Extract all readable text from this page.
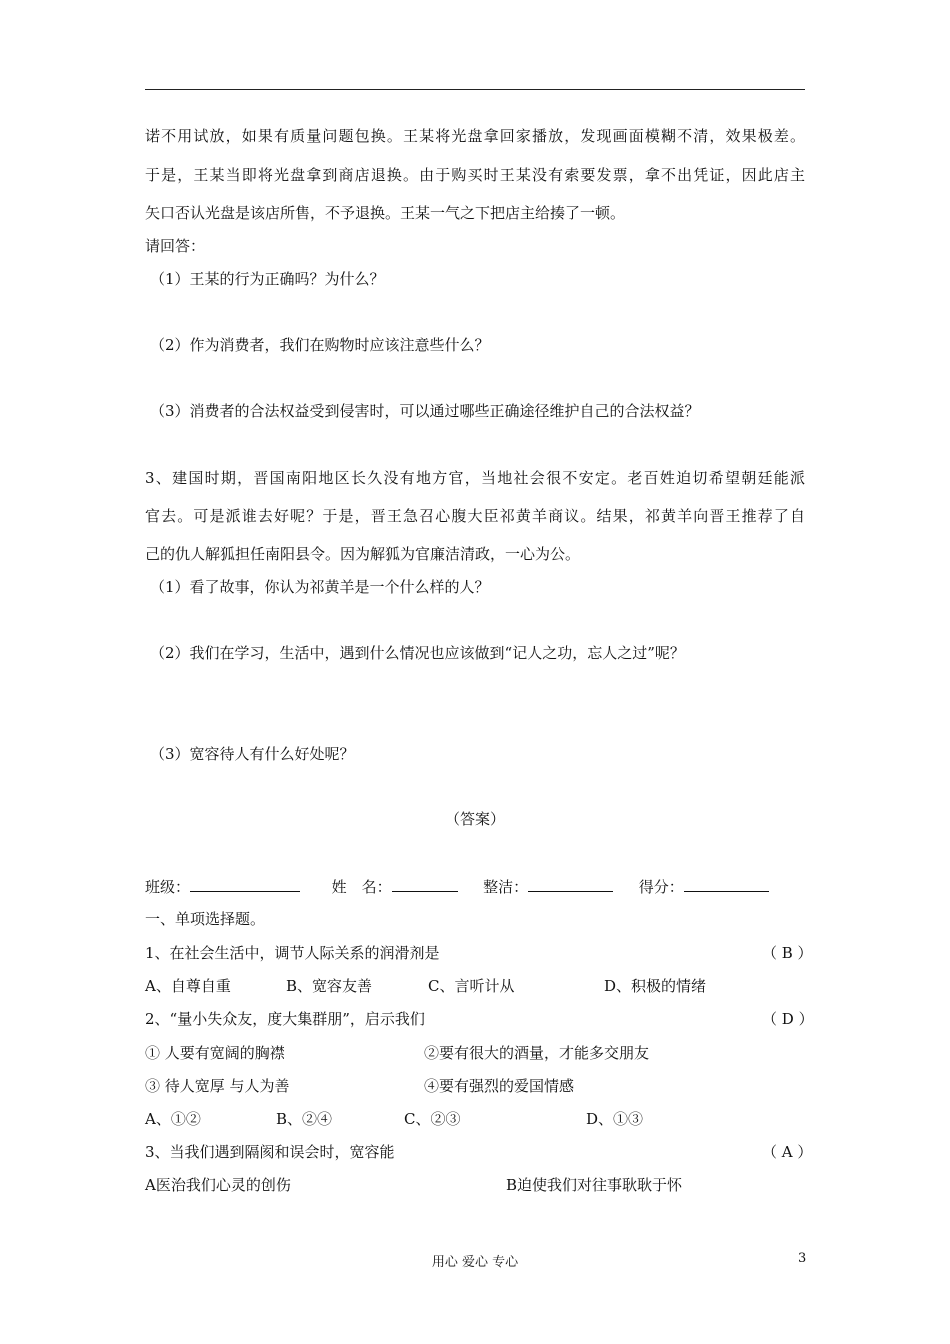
诺不用试放，如果有质量问题包换。王某将光盘拿回家播放，发现画面模糊不清，效果极差。
于是，王某当即将光盘拿到商店退换。由于购买时王某没有索要发票，拿不出凭证，因此店主
矢口否认光盘是该店所售，不予退换。王某一气之下把店主给揍了一顿。
请回答：
（1）王某的行为正确吗？为什么？
（2）作为消费者，我们在购物时应该注意些什么？
（3）消费者的合法权益受到侵害时，可以通过哪些正确途径维护自己的合法权益？
3、建国时期，晋国南阳地区长久没有地方官，当地社会很不安定。老百姓迫切希望朝廷能派
官去。可是派谁去好呢？于是，晋王急召心腹大臣祁黄羊商议。结果，祁黄羊向晋王推荐了自
己的仇人解狐担任南阳县令。因为解狐为官廉洁清政，一心为公。
（1）看了故事，你认为祁黄羊是一个什么样的人？
（2）我们在学习，生活中，遇到什么情况也应该做到“记人之功，忘人之过”呢？
（3）宽容待人有什么好处呢？
（答案）
班级：	姓　名：	整洁：	得分：
一、单项选择题。
1、在社会生活中，调节人际关系的润滑剂是	（ B ）
A、自尊自重	B、宽容友善	C、言听计从	D、积极的情绪
2、“量小失众友，度大集群朋”，启示我们	（ D ）
① 人要有宽阔的胸襟	②要有很大的酒量，才能多交朋友
③ 待人宽厚 与人为善	④要有强烈的爱国情感
A、①②	B、②④	C、②③	D、①③
3、当我们遇到隔阂和误会时，宽容能	（ A ）
A医治我们心灵的创伤	B迫使我们对往事耿耿于怀
用心 爱心 专心	3
